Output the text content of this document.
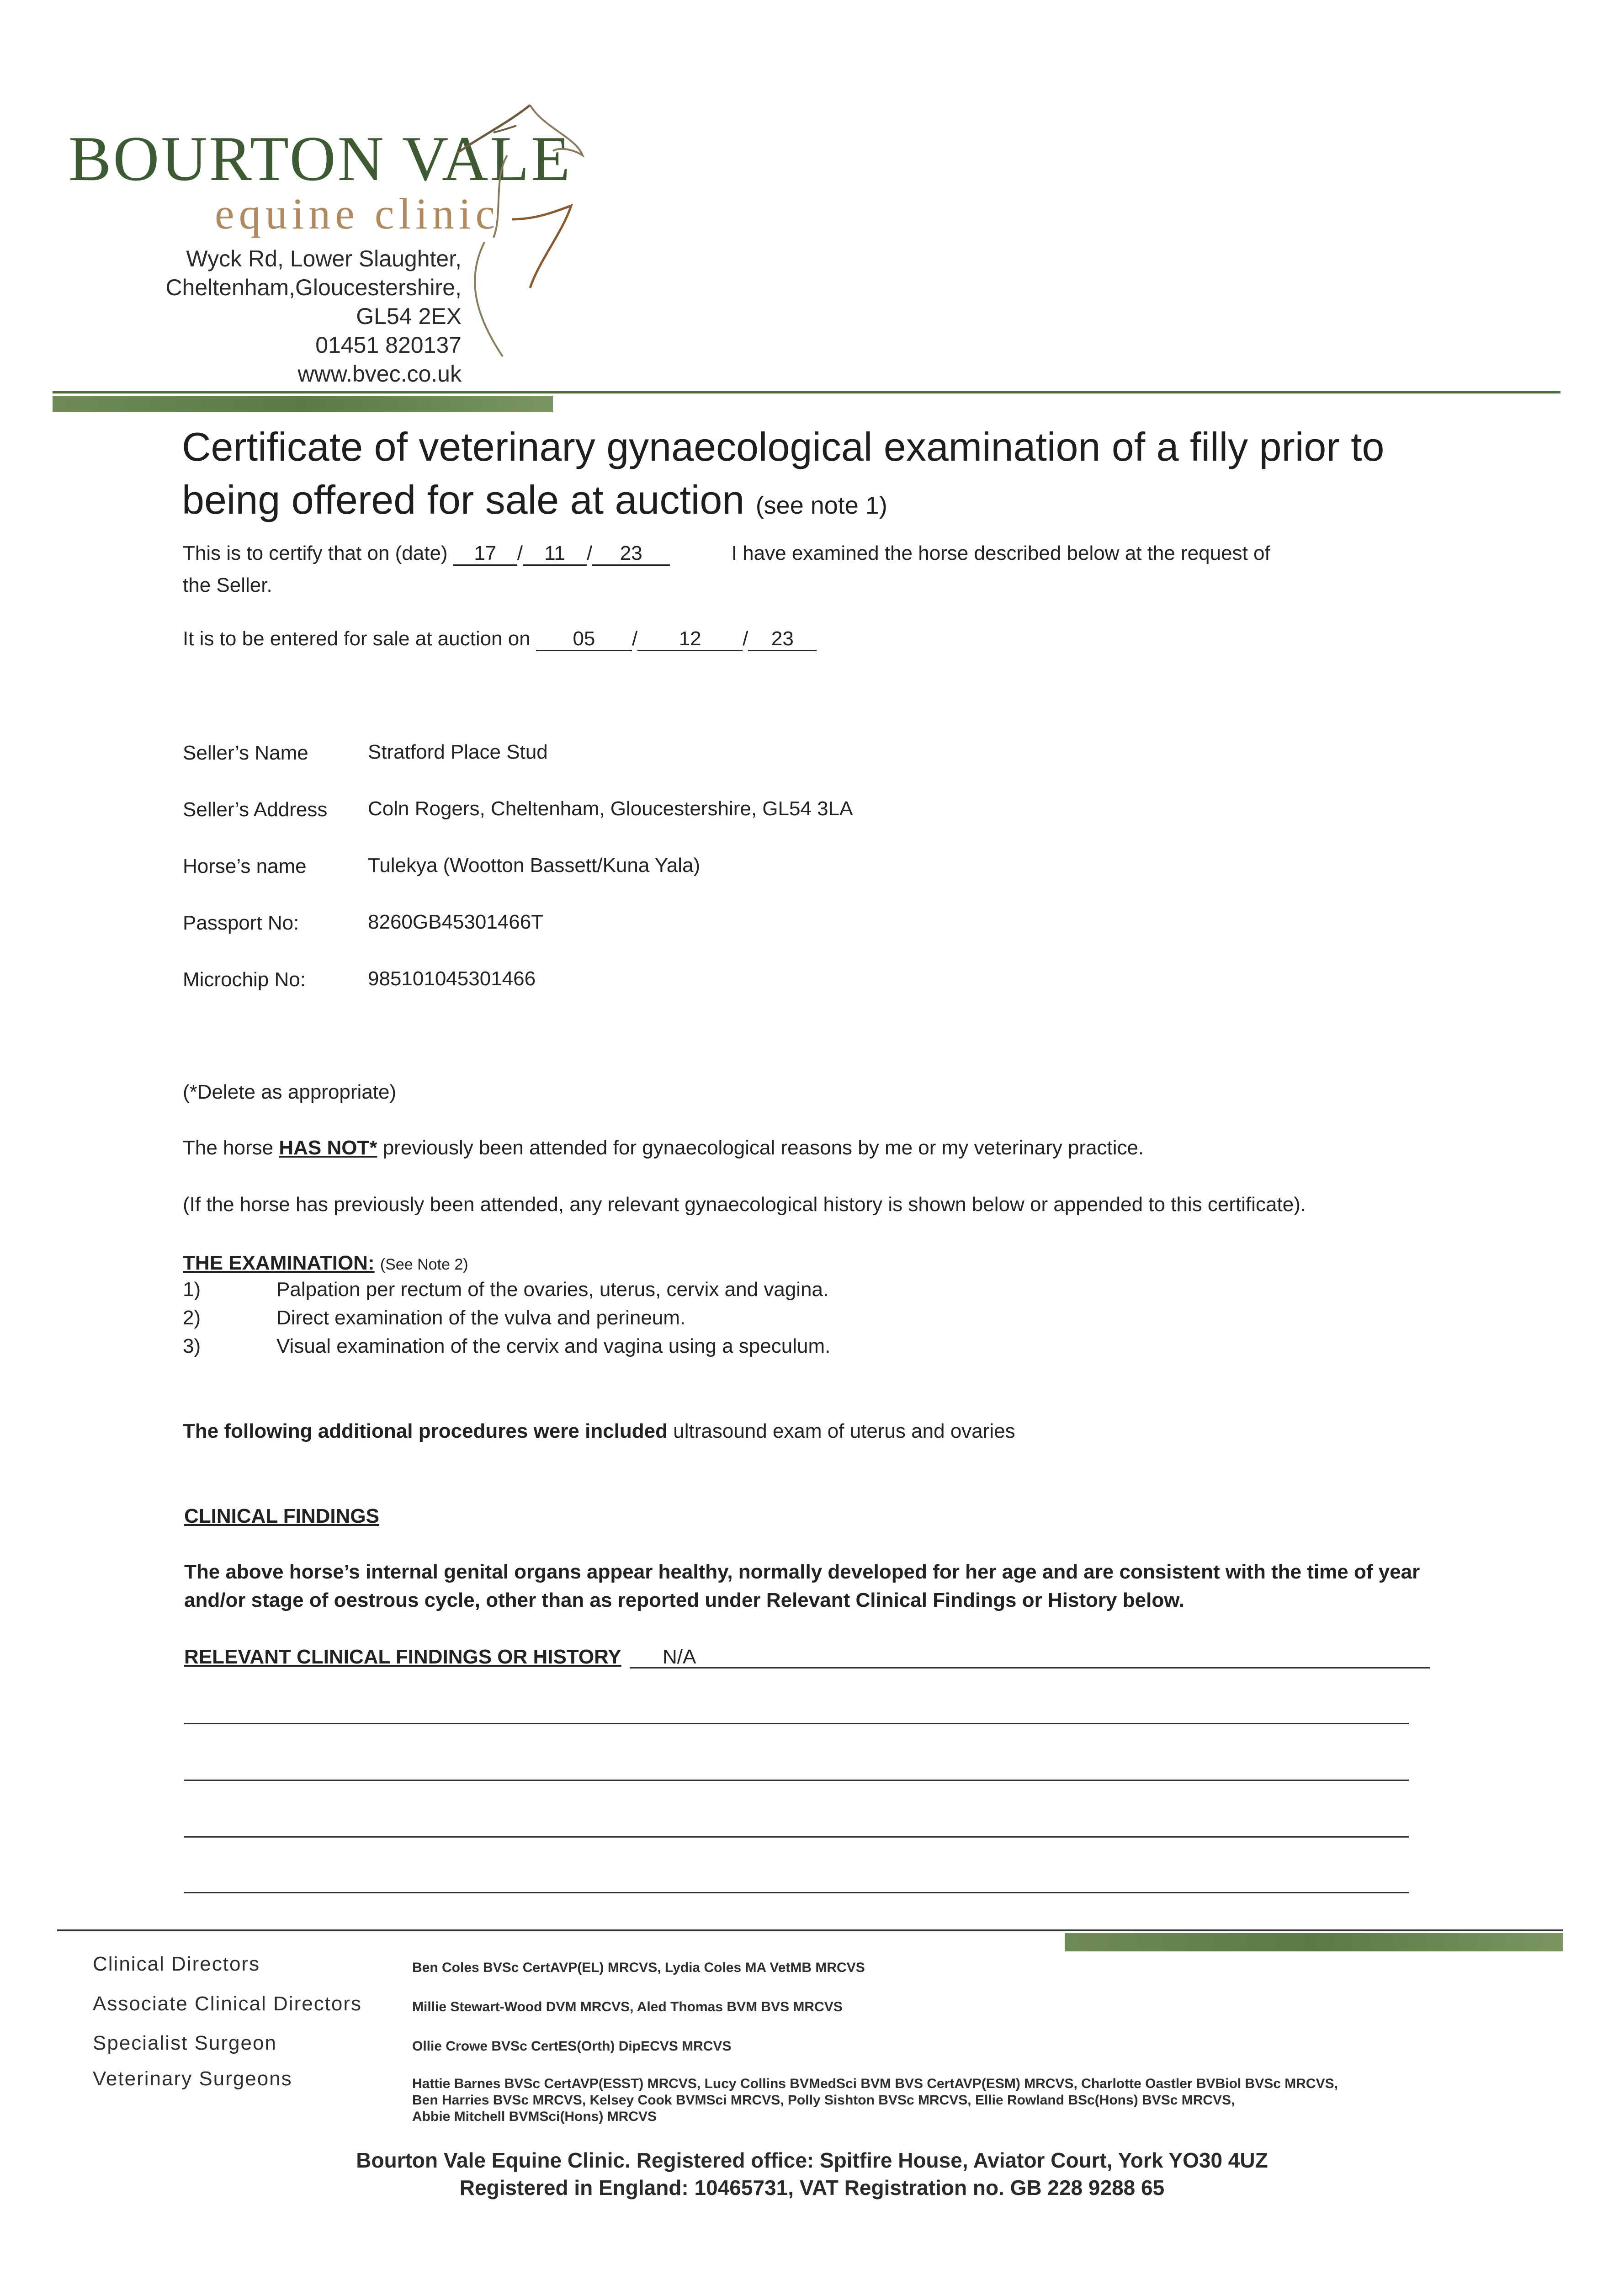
BOURTON VALE
equine clinic
Wyck Rd, Lower Slaughter,
Cheltenham,Gloucestershire,
GL54 2EX
01451 820137
www.bvec.co.uk
Certificate of veterinary gynaecological examination of a filly prior to
being offered for sale at auction (see note 1)
This is to certify that on (date) 17 / 11 / 23	I have examined the horse described below at the request of
the Seller.
It is to be entered for sale at auction on 05 / 12 / 23
Seller’s Name	Stratford Place Stud
Seller’s Address Coln Rogers, Cheltenham, Gloucestershire, GL54 3LA
Horse’s name	Tulekya (Wootton Bassett/Kuna Yala)
Passport No:	8260GB45301466T
Microchip No:	985101045301466
(*Delete as appropriate)
The horse HAS NOT* previously been attended for gynaecological reasons by me or my veterinary practice.
(If the horse has previously been attended, any relevant gynaecological history is shown below or appended to this certificate).
THE EXAMINATION: (See Note 2)
1)	Palpation per rectum of the ovaries, uterus, cervix and vagina.
2)	Direct examination of the vulva and perineum.
3)	Visual examination of the cervix and vagina using a speculum.
The following additional procedures were included ultrasound exam of uterus and ovaries
CLINICAL FINDINGS
The above horse’s internal genital organs appear healthy, normally developed for her age and are consistent with the time of year
and/or stage of oestrous cycle, other than as reported under Relevant Clinical Findings or History below.
RELEVANT CLINICAL FINDINGS OR HISTORY N/A
Clinical Directors	Ben Coles BVSc CertAVP(EL) MRCVS, Lydia Coles MA VetMB MRCVS
Associate Clinical Directors	Millie Stewart-Wood DVM MRCVS, Aled Thomas BVM BVS MRCVS
Specialist Surgeon	Ollie Crowe BVSc CertES(Orth) DipECVS MRCVS
Veterinary Surgeons	Hattie Barnes BVSc CertAVP(ESST) MRCVS, Lucy Collins BVMedSci BVM BVS CertAVP(ESM) MRCVS, Charlotte Oastler BVBiol BVSc MRCVS,
Ben Harries BVSc MRCVS, Kelsey Cook BVMSci MRCVS, Polly Sishton BVSc MRCVS, Ellie Rowland BSc(Hons) BVSc MRCVS,
Abbie Mitchell BVMSci(Hons) MRCVS
Bourton Vale Equine Clinic. Registered office: Spitfire House, Aviator Court, York YO30 4UZ
Registered in England: 10465731, VAT Registration no. GB 228 9288 65
